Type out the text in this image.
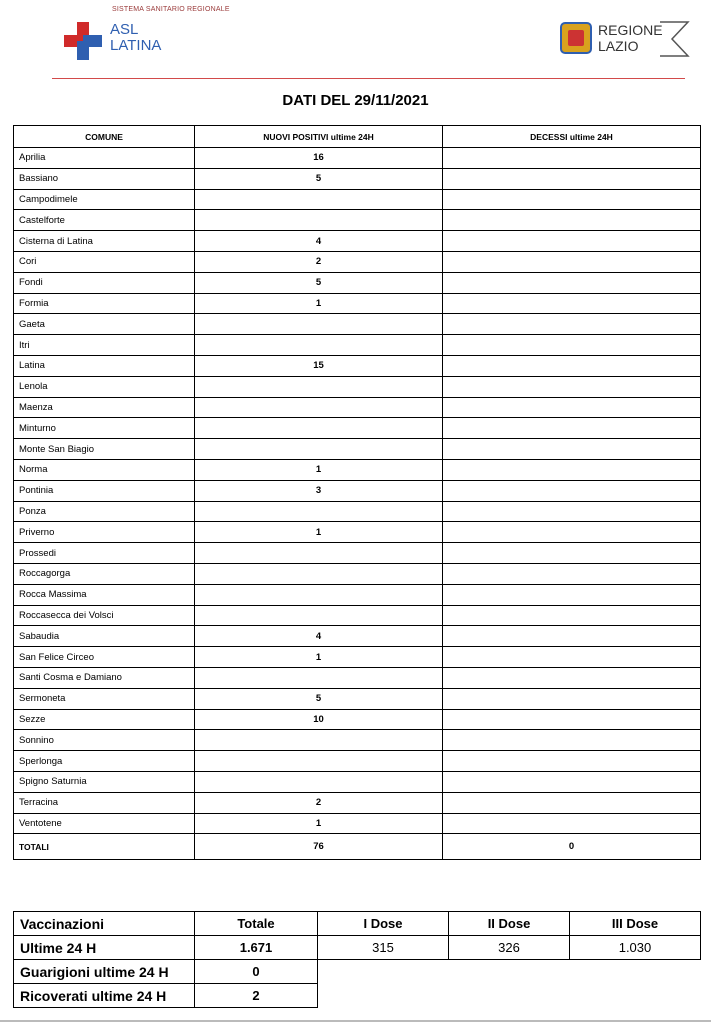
SISTEMA SANITARIO REGIONALE
ASL
LATINA
REGIONE
LAZIO
DATI DEL 29/11/2021
COMUNE	NUOVI POSITIVI ultime 24H	DECESSI ultime 24H
Aprilia	16	
Bassiano	5	
Campodimele		
Castelforte		
Cisterna di Latina	4	
Cori	2	
Fondi	5	
Formia	1	
Gaeta		
Itri		
Latina	15	
Lenola		
Maenza		
Minturno		
Monte San Biagio		
Norma	1	
Pontinia	3	
Ponza		
Priverno	1	
Prossedi		
Roccagorga		
Rocca Massima		
Roccasecca dei Volsci		
Sabaudia	4	
San Felice Circeo	1	
Santi Cosma e Damiano		
Sermoneta	5	
Sezze	10	
Sonnino		
Sperlonga		
Spigno Saturnia		
Terracina	2	
Ventotene	1	
TOTALI	76	0
Vaccinazioni	Totale	I Dose	II Dose	III Dose
Ultime 24 H	1.671	315	326	1.030
Guarigioni ultime 24 H	0			
Ricoverati ultime 24 H	2			
